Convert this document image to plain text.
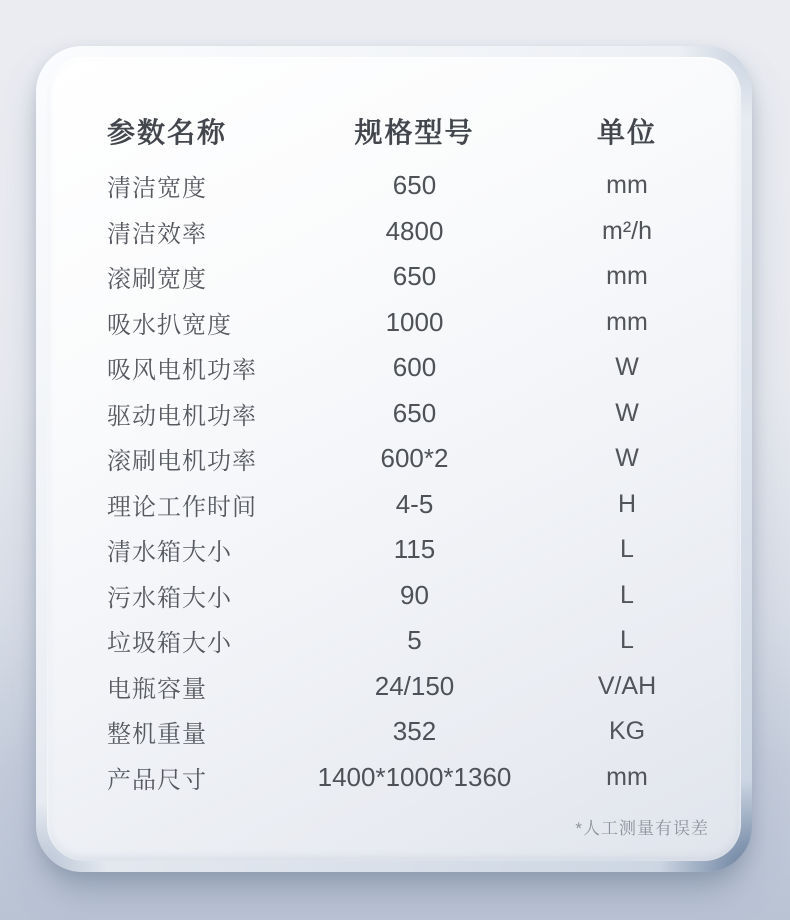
参数名称	规格型号	单位
清洁宽度	650	mm
清洁效率	4800	m²/h
滚刷宽度	650	mm
吸水扒宽度	1000	mm
吸风电机功率	600	W
驱动电机功率	650	W
滚刷电机功率	600*2	W
理论工作时间	4-5	H
清水箱大小	115	L
污水箱大小	90	L
垃圾箱大小	5	L
电瓶容量	24/150	V/AH
整机重量	352	KG
产品尺寸	1400*1000*1360	mm
*人工测量有误差
